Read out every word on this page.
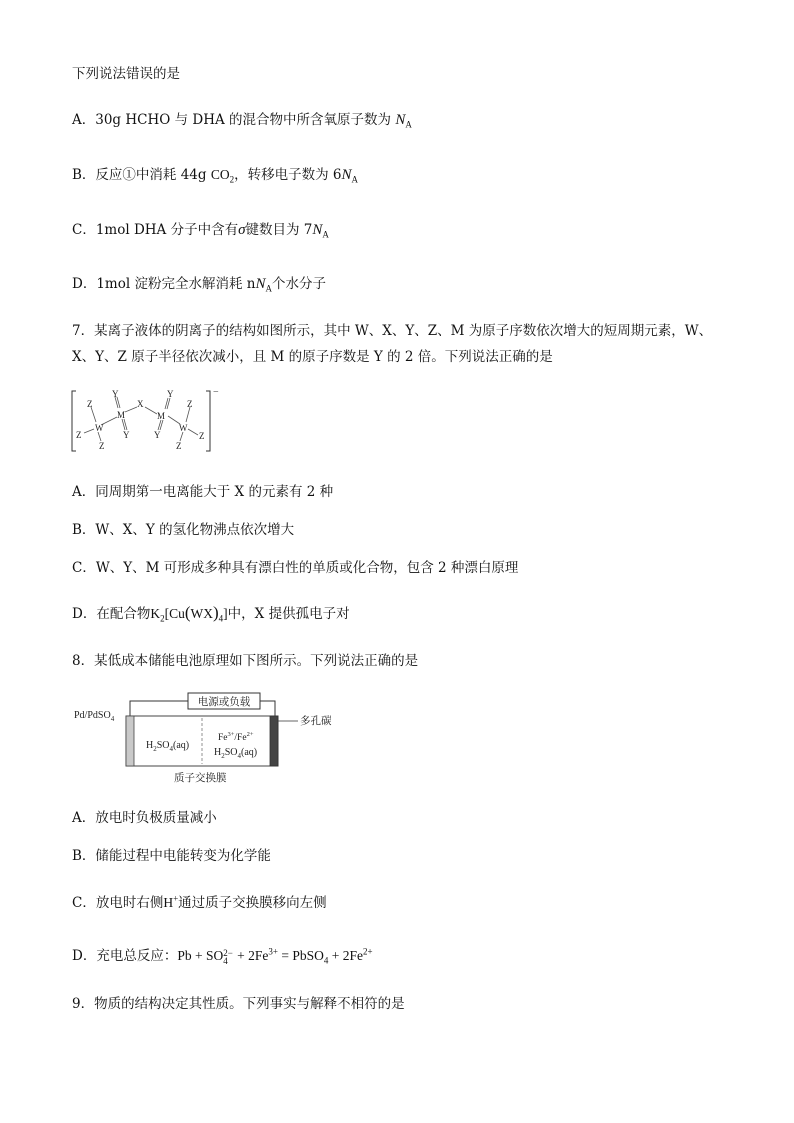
下列说法错误的是
A．30g HCHO 与 DHA 的混合物中所含氧原子数为 $N_A$
B．反应①中消耗 44g $CO_2$，转移电子数为 $6N_A$
C．1mol DHA 分子中含有σ键数目为 $7N_A$
D．1mol 淀粉完全水解消耗 $nN_A$个水分子
7．某离子液体的阴离子的结构如图所示，其中 W、X、Y、Z、M 为原子序数依次增大的短周期元素，W、
X、Y、Z 原子半径依次减小，且 M 的原子序数是 Y 的 2 倍。下列说法正确的是
−
Z
W
Z
Z
Y
M
Y
X
Y
M
Y
Z
W
Z
Z
A．同周期第一电离能大于 X 的元素有 2 种
B．W、X、Y 的氢化物沸点依次增大
C．W、Y、M 可形成多种具有漂白性的单质或化合物，包含 2 种漂白原理
D．在配合物$K_2[Cu(WX)_4]$中，X 提供孤电子对
8．某低成本储能电池原理如下图所示。下列说法正确的是
电源或负载
Pd/PdSO$_4$	多孔碳
$H_2SO_4(aq)$
$Fe^{3+}/Fe^{2+}$
$H_2SO_4(aq)$
质子交换膜
A．放电时负极质量减小
B．储能过程中电能转变为化学能
C．放电时右侧H+通过质子交换膜移向左侧
D．充电总反应：Pb + SO 2−
$4 + 2Fe^{3+}$ = PbSO$_4$ + $2Fe^{2+}$
9．物质的结构决定其性质。下列事实与解释不相符的是
